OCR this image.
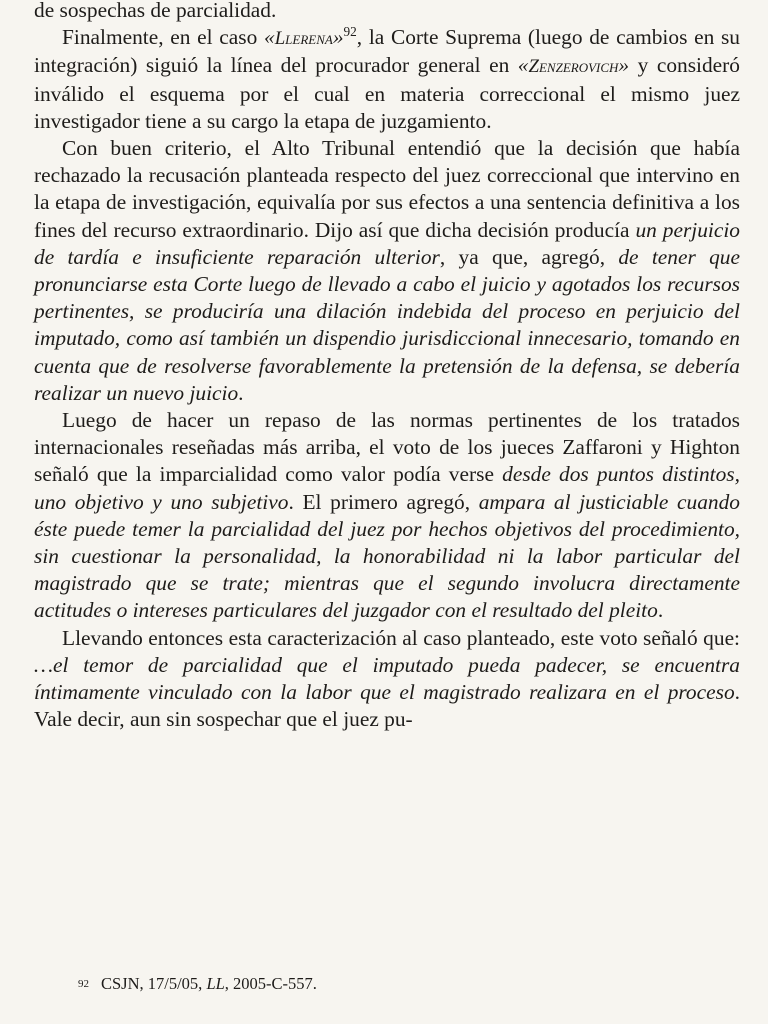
de sospechas de parcialidad.

Finalmente, en el caso «Llerena»$^{92}$, la Corte Suprema (luego de cambios en su integración) siguió la línea del procurador general en «Zenzerovich» y consideró inválido el esquema por el cual en materia correccional el mismo juez investigador tiene a su cargo la etapa de juzgamiento.

Con buen criterio, el Alto Tribunal entendió que la decisión que había rechazado la recusación planteada respecto del juez correccional que intervino en la etapa de investigación, equivalía por sus efectos a una sentencia definitiva a los fines del recurso extraordinario. Dijo así que dicha decisión producía un perjuicio de tardía e insuficiente reparación ulterior, ya que, agregó, de tener que pronunciarse esta Corte luego de llevado a cabo el juicio y agotados los recursos pertinentes, se produciría una dilación indebida del proceso en perjuicio del imputado, como así también un dispendio jurisdiccional innecesario, tomando en cuenta que de resolverse favorablemente la pretensión de la defensa, se debería realizar un nuevo juicio.

Luego de hacer un repaso de las normas pertinentes de los tratados internacionales reseñadas más arriba, el voto de los jueces Zaffaroni y Highton señaló que la imparcialidad como valor podía verse desde dos puntos distintos, uno objetivo y uno subjetivo. El primero agregó, ampara al justiciable cuando éste puede temer la parcialidad del juez por hechos objetivos del procedimiento, sin cuestionar la personalidad, la honorabilidad ni la labor particular del magistrado que se trate; mientras que el segundo involucra directamente actitudes o intereses particulares del juzgador con el resultado del pleito.

Llevando entonces esta caracterización al caso planteado, este voto señaló que: …el temor de parcialidad que el imputado pueda padecer, se encuentra íntimamente vinculado con la labor que el magistrado realizara en el proceso. Vale decir, aun sin sospechar que el juez pu-

$^{92}$ CSJN, 17/5/05, LL, 2005-C-557.
